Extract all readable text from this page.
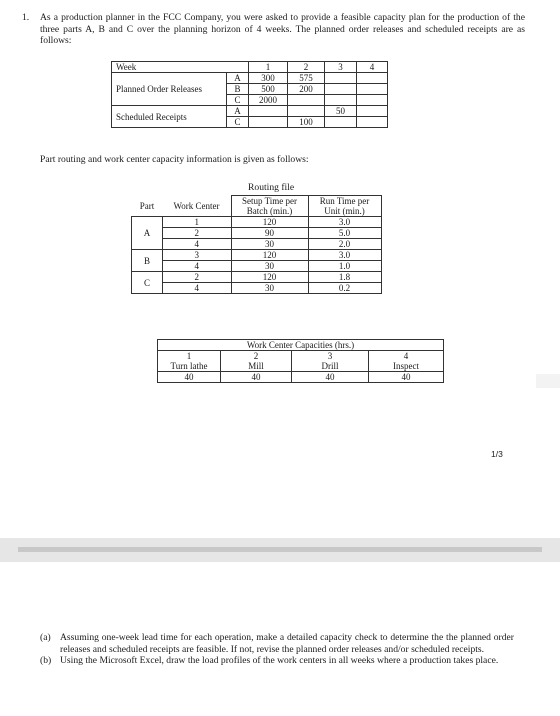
1. As a production planner in the FCC Company, you were asked to provide a feasible capacity plan for the production of the three parts A, B and C over the planning horizon of 4 weeks. The planned order releases and scheduled receipts are as follows:
Week		1	2	3	4
Planned Order Releases	A	300	575		
	B	500	200		
	C	2000			
Scheduled Receipts	A			50	
	C		100		
Part routing and work center capacity information is given as follows:
Routing file
Part	Work Center	Setup Time per	Run Time per
		Batch (min.)	Unit (min.)
A	1	120	3.0
	2	90	5.0
	4	30	2.0
B	3	120	3.0
	4	30	1.0
C	2	120	1.8
	4	30	0.2
Work Center Capacities (hrs.)			
1	2	3	4
Turn lathe	Mill	Drill	Inspect
40	40	40	40
1/3
(a) Assuming one-week lead time for each operation, make a detailed capacity check to determine the the planned order releases and scheduled receipts are feasible. If not, revise the planned order releases and/or scheduled receipts.
(b) Using the Microsoft Excel, draw the load profiles of the work centers in all weeks where a production takes place.
